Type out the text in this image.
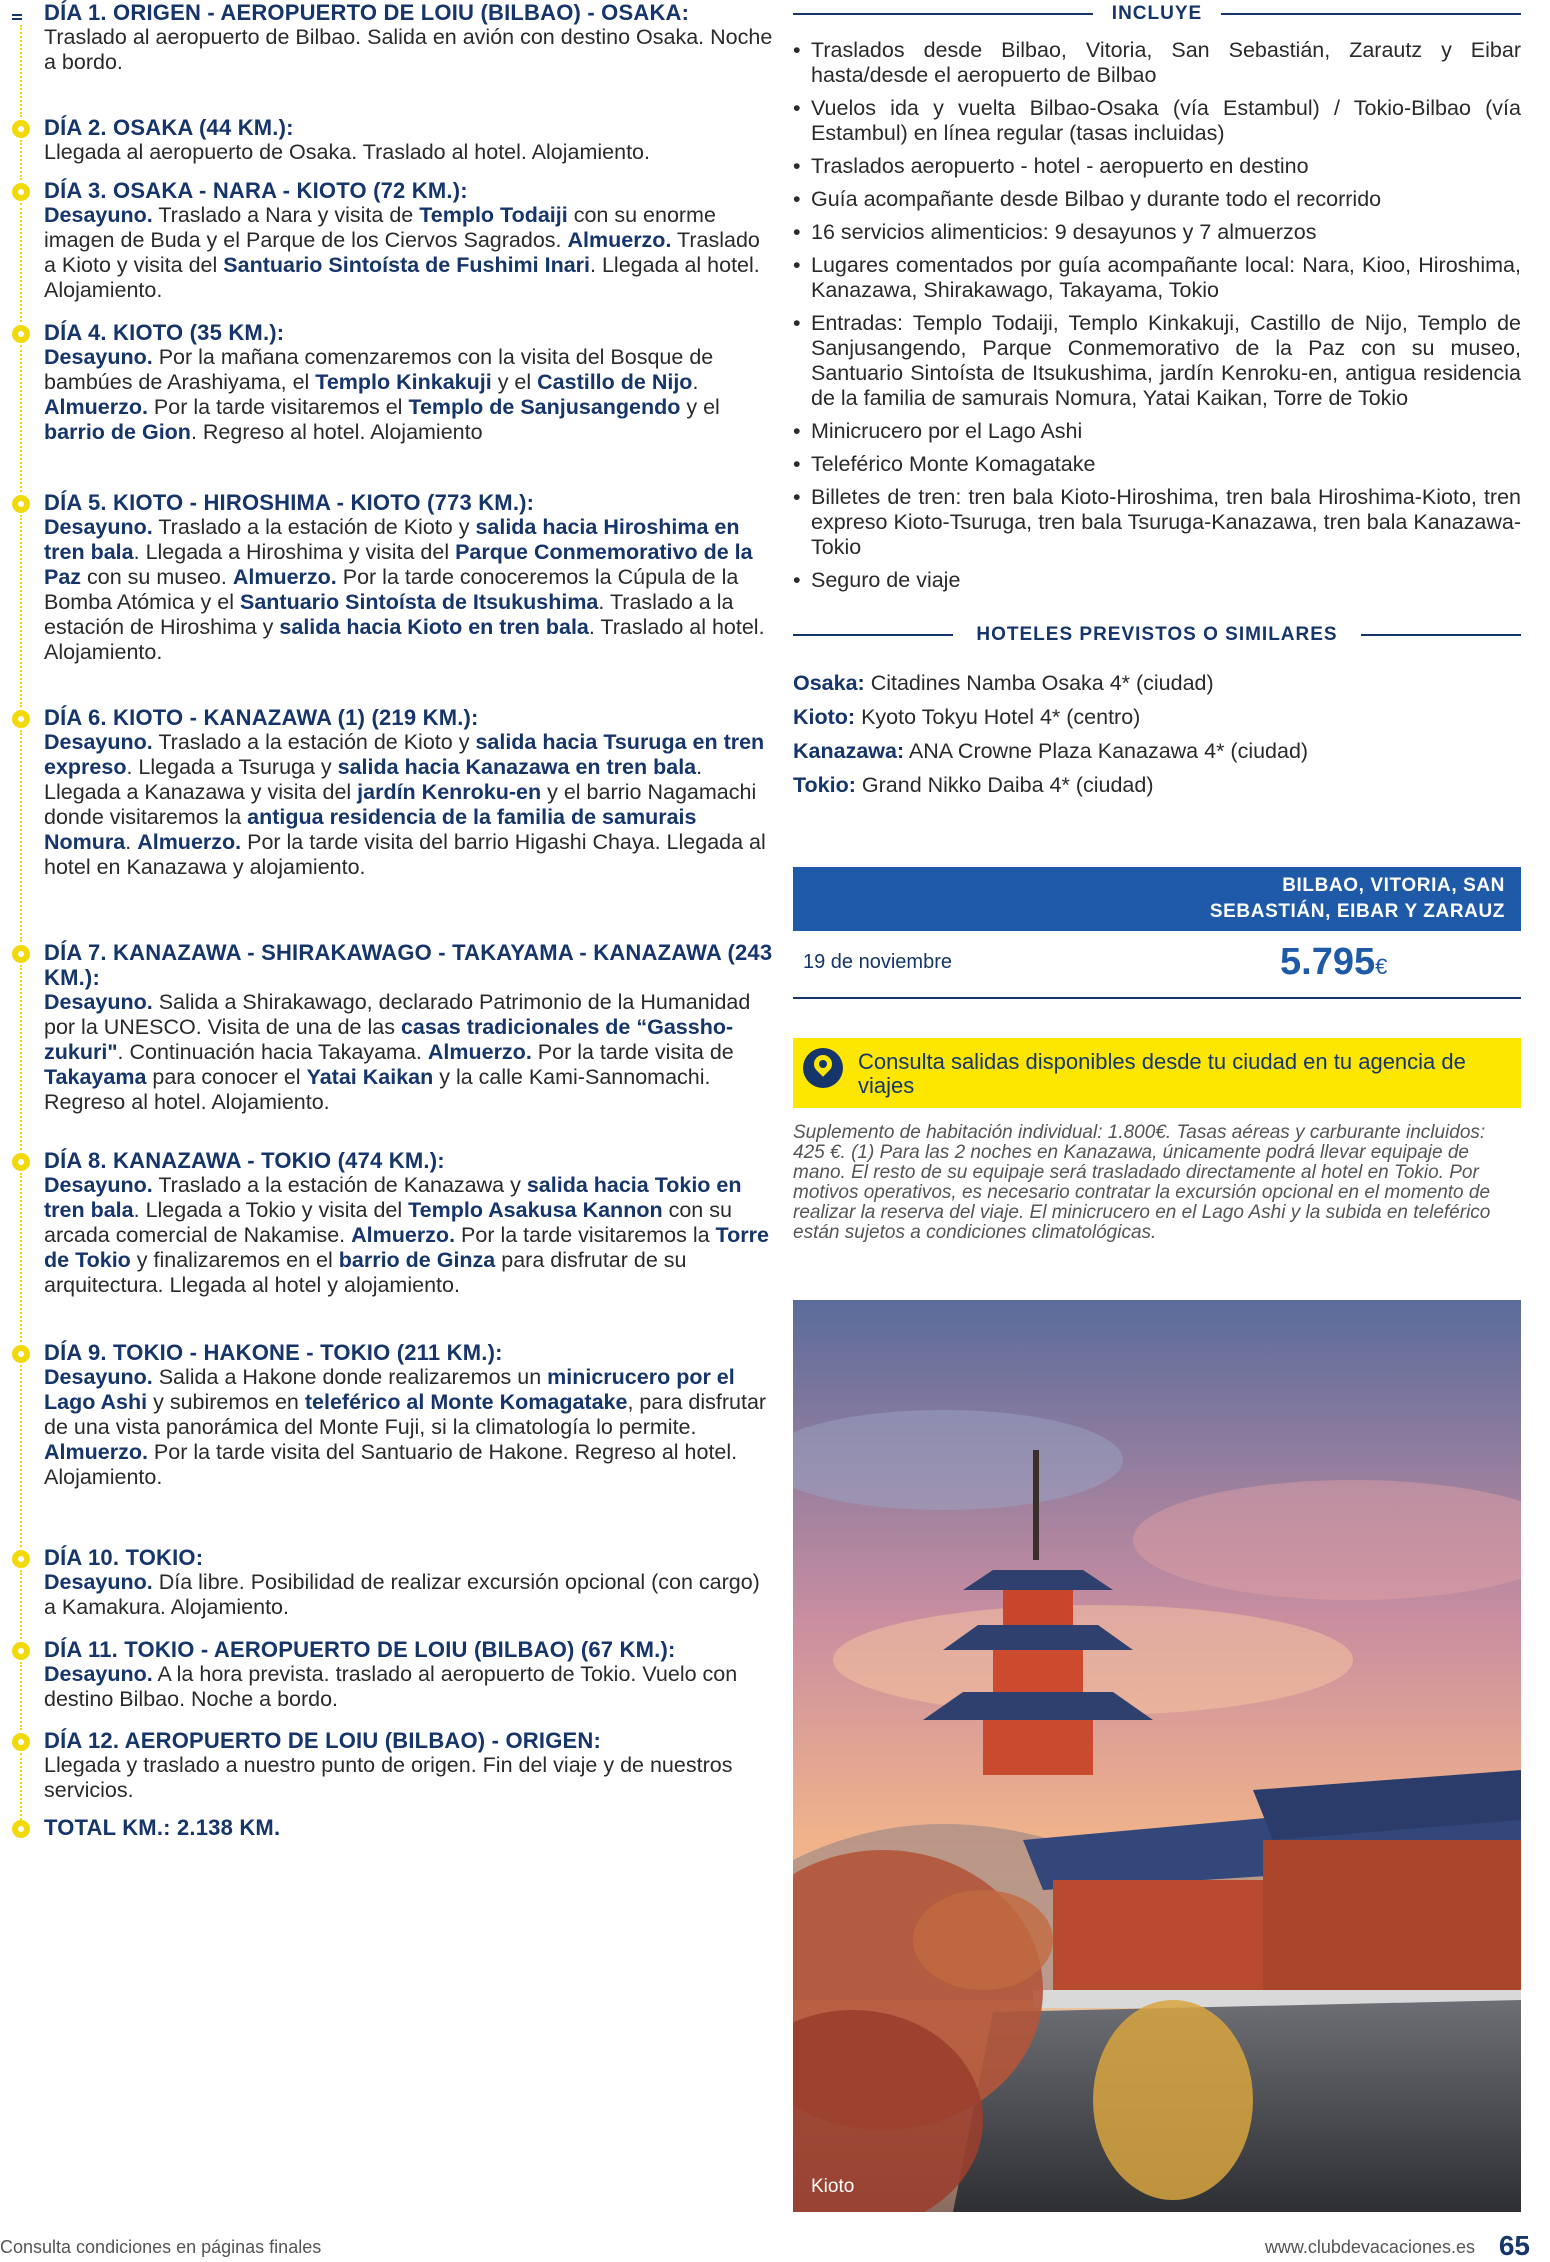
DÍA 1. ORIGEN - AEROPUERTO DE LOIU (BILBAO) - OSAKA:

Traslado al aeropuerto de Bilbao. Salida en avión con destino Osaka. Noche a bordo.

DÍA 2. OSAKA (44 KM.):

Llegada al aeropuerto de Osaka. Traslado al hotel. Alojamiento.

DÍA 3. OSAKA - NARA - KIOTO (72 KM.):

Desayuno. Traslado a Nara y visita de Templo Todaiji con su enorme imagen de Buda y el Parque de los Ciervos Sagrados. Almuerzo. Traslado a Kioto y visita del Santuario Sintoísta de Fushimi Inari. Llegada al hotel. Alojamiento.

DÍA 4. KIOTO (35 KM.):

Desayuno. Por la mañana comenzaremos con la visita del Bosque de bambúes de Arashiyama, el Templo Kinkakuji y el Castillo de Nijo. Almuerzo. Por la tarde visitaremos el Templo de Sanjusangendo y el barrio de Gion. Regreso al hotel. Alojamiento

DÍA 5. KIOTO - HIROSHIMA - KIOTO (773 KM.):

Desayuno. Traslado a la estación de Kioto y salida hacia Hiroshima en tren bala. Llegada a Hiroshima y visita del Parque Conmemorativo de la Paz con su museo. Almuerzo. Por la tarde conoceremos la Cúpula de la Bomba Atómica y el Santuario Sintoísta de Itsukushima. Traslado a la estación de Hiroshima y salida hacia Kioto en tren bala. Traslado al hotel. Alojamiento.

DÍA 6. KIOTO - KANAZAWA (1) (219 KM.):

Desayuno. Traslado a la estación de Kioto y salida hacia Tsuruga en tren expreso. Llegada a Tsuruga y salida hacia Kanazawa en tren bala. Llegada a Kanazawa y visita del jardín Kenroku-en y el barrio Nagamachi donde visitaremos la antigua residencia de la familia de samurais Nomura. Almuerzo. Por la tarde visita del barrio Higashi Chaya. Llegada al hotel en Kanazawa y alojamiento.

DÍA 7. KANAZAWA - SHIRAKAWAGO - TAKAYAMA - KANAZAWA (243 KM.):

Desayuno. Salida a Shirakawago, declarado Patrimonio de la Humanidad por la UNESCO. Visita de una de las casas tradicionales de “Gassho-zukuri". Continuación hacia Takayama. Almuerzo. Por la tarde visita de Takayama para conocer el Yatai Kaikan y la calle Kami-Sannomachi. Regreso al hotel. Alojamiento.

DÍA 8. KANAZAWA - TOKIO (474 KM.):

Desayuno. Traslado a la estación de Kanazawa y salida hacia Tokio en tren bala. Llegada a Tokio y visita del Templo Asakusa Kannon con su arcada comercial de Nakamise. Almuerzo. Por la tarde visitaremos la Torre de Tokio y finalizaremos en el barrio de Ginza para disfrutar de su arquitectura. Llegada al hotel y alojamiento.

DÍA 9. TOKIO - HAKONE - TOKIO (211 KM.):

Desayuno. Salida a Hakone donde realizaremos un minicrucero por el Lago Ashi y subiremos en teleférico al Monte Komagatake, para disfrutar de una vista panorámica del Monte Fuji, si la climatología lo permite. Almuerzo. Por la tarde visita del Santuario de Hakone. Regreso al hotel. Alojamiento.

DÍA 10. TOKIO:

Desayuno. Día libre. Posibilidad de realizar excursión opcional (con cargo) a Kamakura. Alojamiento.

DÍA 11. TOKIO - AEROPUERTO DE LOIU (BILBAO) (67 KM.):

Desayuno. A la hora prevista. traslado al aeropuerto de Tokio. Vuelo con destino Bilbao. Noche a bordo.

DÍA 12. AEROPUERTO DE LOIU (BILBAO) - ORIGEN:

Llegada y traslado a nuestro punto de origen. Fin del viaje y de nuestros servicios.

TOTAL KM.: 2.138 KM.

INCLUYE
• Traslados desde Bilbao, Vitoria, San Sebastián, Zarautz y Eibar hasta/desde el aeropuerto de Bilbao
• Vuelos ida y vuelta Bilbao-Osaka (vía Estambul) / Tokio-Bilbao (vía Estambul) en línea regular (tasas incluidas)
• Traslados aeropuerto - hotel - aeropuerto en destino
• Guía acompañante desde Bilbao y durante todo el recorrido
• 16 servicios alimenticios: 9 desayunos y 7 almuerzos
• Lugares comentados por guía acompañante local: Nara, Kioo, Hiroshima, Kanazawa, Shirakawago, Takayama, Tokio
• Entradas: Templo Todaiji, Templo Kinkakuji, Castillo de Nijo, Templo de Sanjusangendo, Parque Conmemorativo de la Paz con su museo, Santuario Sintoísta de Itsukushima, jardín Kenroku-en, antigua residencia de la familia de samurais Nomura, Yatai Kaikan, Torre de Tokio
• Minicrucero por el Lago Ashi
• Teleférico Monte Komagatake
• Billetes de tren: tren bala Kioto-Hiroshima, tren bala Hiroshima-Kioto, tren expreso Kioto-Tsuruga, tren bala Tsuruga-Kanazawa, tren bala Kanazawa-Tokio
• Seguro de viaje
HOTELES PREVISTOS O SIMILARES

Osaka: Citadines Namba Osaka 4* (ciudad)

Kioto: Kyoto Tokyu Hotel 4* (centro)

Kanazawa: ANA Crowne Plaza Kanazawa 4* (ciudad)

Tokio: Grand Nikko Daiba 4* (ciudad)

BILBAO, VITORIA, SAN
SEBASTIÁN, EIBAR Y ZARAUZ
19 de noviembre	5.795€
Consulta salidas disponibles desde tu ciudad en tu agencia de viajes
Suplemento de habitación individual: 1.800€. Tasas aéreas y carburante incluidos: 425 €. (1) Para las 2 noches en Kanazawa, únicamente podrá llevar equipaje de mano. El resto de su equipaje será trasladado directamente al hotel en Tokio. Por motivos operativos, es necesario contratar la excursión opcional en el momento de realizar la reserva del viaje. El minicrucero en el Lago Ashi y la subida en teleférico están sujetos a condiciones climatológicas.
Kioto
Consulta condiciones en páginas finales	www.clubdevacaciones.es 65
